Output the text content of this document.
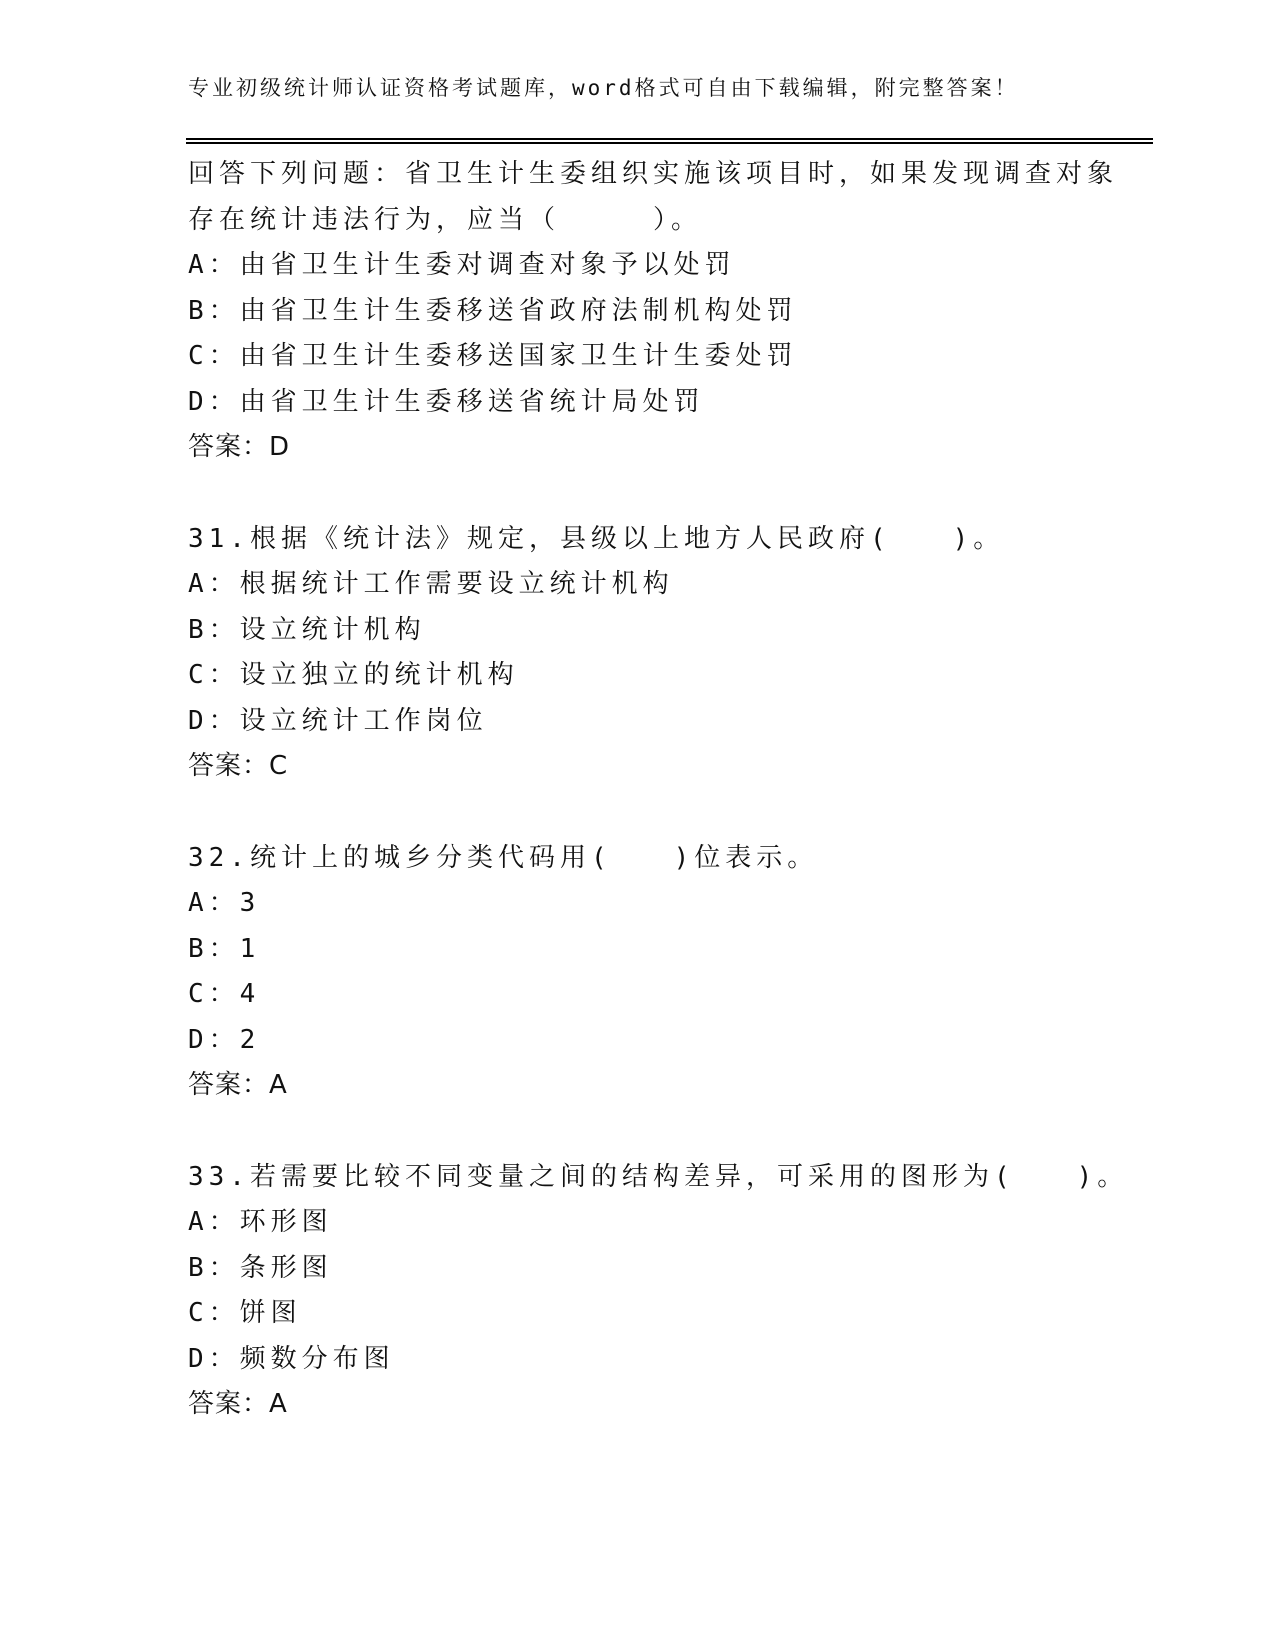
专业初级统计师认证资格考试题库，word格式可自由下载编辑，附完整答案！
回答下列问题：省卫生计生委组织实施该项目时，如果发现调查对象
存在统计违法行为，应当（　　　）。
A：由省卫生计生委对调查对象予以处罚
B：由省卫生计生委移送省政府法制机构处罚
C：由省卫生计生委移送国家卫生计生委处罚
D：由省卫生计生委移送省统计局处罚
答案：D
31.根据《统计法》规定，县级以上地方人民政府(　　)。
A：根据统计工作需要设立统计机构
B：设立统计机构
C：设立独立的统计机构
D：设立统计工作岗位
答案：C
32.统计上的城乡分类代码用(　　)位表示。
A：3
B：1
C：4
D：2
答案：A
33.若需要比较不同变量之间的结构差异，可采用的图形为(　　)。
A：环形图
B：条形图
C：饼图
D：频数分布图
答案：A
